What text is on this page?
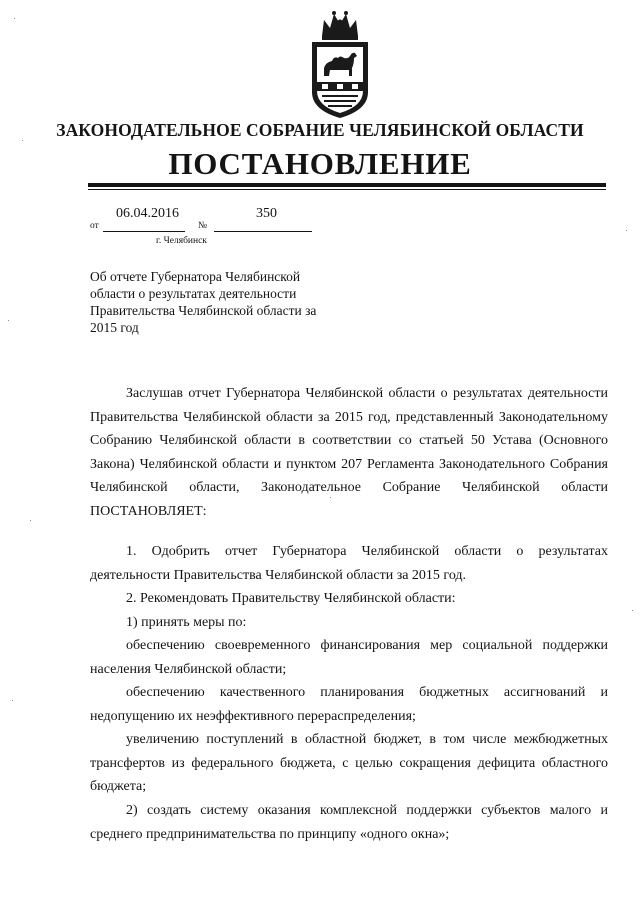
ЗАКОНОДАТЕЛЬНОЕ СОБРАНИЕ ЧЕЛЯБИНСКОЙ ОБЛАСТИ
ПОСТАНОВЛЕНИЕ
06.04.2016	350
от	№
г. Челябинск
Об отчете Губернатора Челябинской области о результатах деятельности Правительства Челябинской области за 2015 год
Заслушав отчет Губернатора Челябинской области о результатах деятельности Правительства Челябинской области за 2015 год, представленный Законодательному Собранию Челябинской области в соответствии со статьей 50 Устава (Основного Закона) Челябинской области и пунктом 207 Регламента Законодательного Собрания Челябинской области, Законодательное Собрание Челябинской области ПОСТАНОВЛЯЕТ:
1. Одобрить отчет Губернатора Челябинской области о результатах деятельности Правительства Челябинской области за 2015 год.
2. Рекомендовать Правительству Челябинской области:
1) принять меры по:
обеспечению своевременного финансирования мер социальной поддержки населения Челябинской области;
обеспечению качественного планирования бюджетных ассигнований и недопущению их неэффективного перераспределения;
увеличению поступлений в областной бюджет, в том числе межбюджетных трансфертов из федерального бюджета, с целью сокращения дефицита областного бюджета;
2) создать систему оказания комплексной поддержки субъектов малого и среднего предпринимательства по принципу «одного окна»;
